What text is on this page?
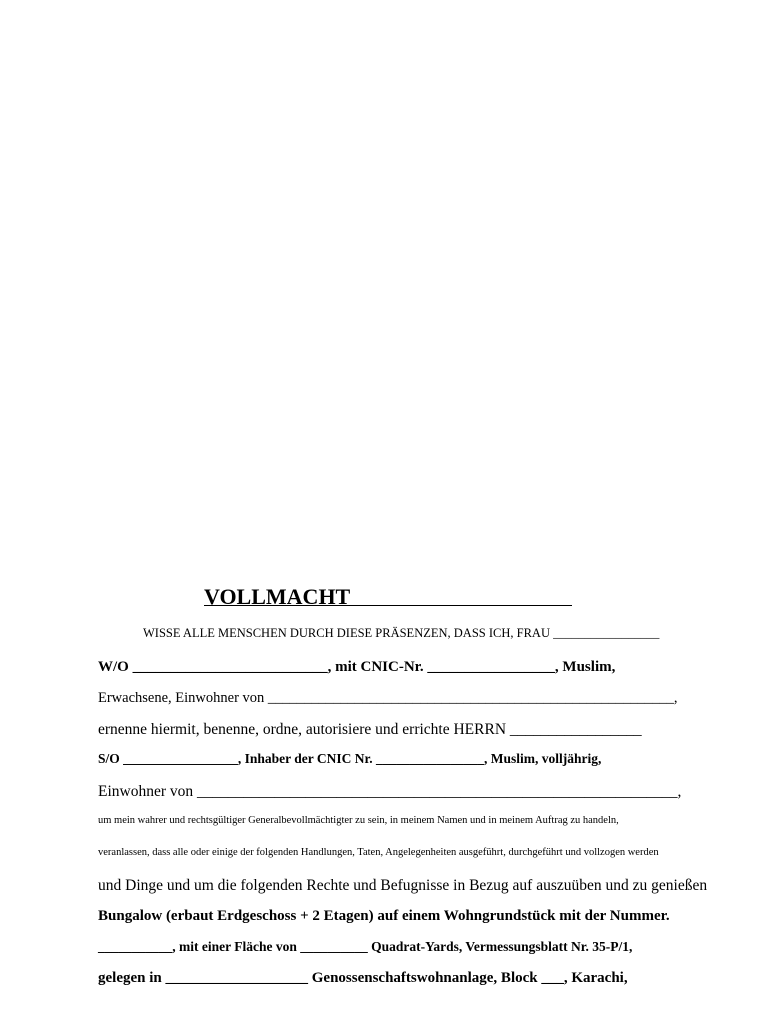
VOLLMACHT
WISSE ALLE MENSCHEN DURCH DIESE PRÄSENZEN, DASS ICH, FRAU _________________
W/O __________________________, mit CNIC-Nr. _________________, Muslim,
Erwachsene, Einwohner von ________________________________________________________,
ernenne hiermit, benenne, ordne, autorisiere und errichte HERRN _________________
S/O _________________, Inhaber der CNIC Nr. ________________, Muslim, volljährig,
Einwohner von ______________________________________________________________,
um mein wahrer und rechtsgültiger Generalbevollmächtigter zu sein, in meinem Namen und in meinem Auftrag zu handeln,
veranlassen, dass alle oder einige der folgenden Handlungen, Taten, Angelegenheiten ausgeführt, durchgeführt und vollzogen werden
und Dinge und um die folgenden Rechte und Befugnisse in Bezug auf auszuüben und zu genießen
Bungalow (erbaut Erdgeschoss + 2 Etagen) auf einem Wohngrundstück mit der Nummer.
___________, mit einer Fläche von __________ Quadrat-Yards, Vermessungsblatt Nr. 35-P/1,
gelegen in ___________________ Genossenschaftswohnanlage, Block ___, Karachi,
